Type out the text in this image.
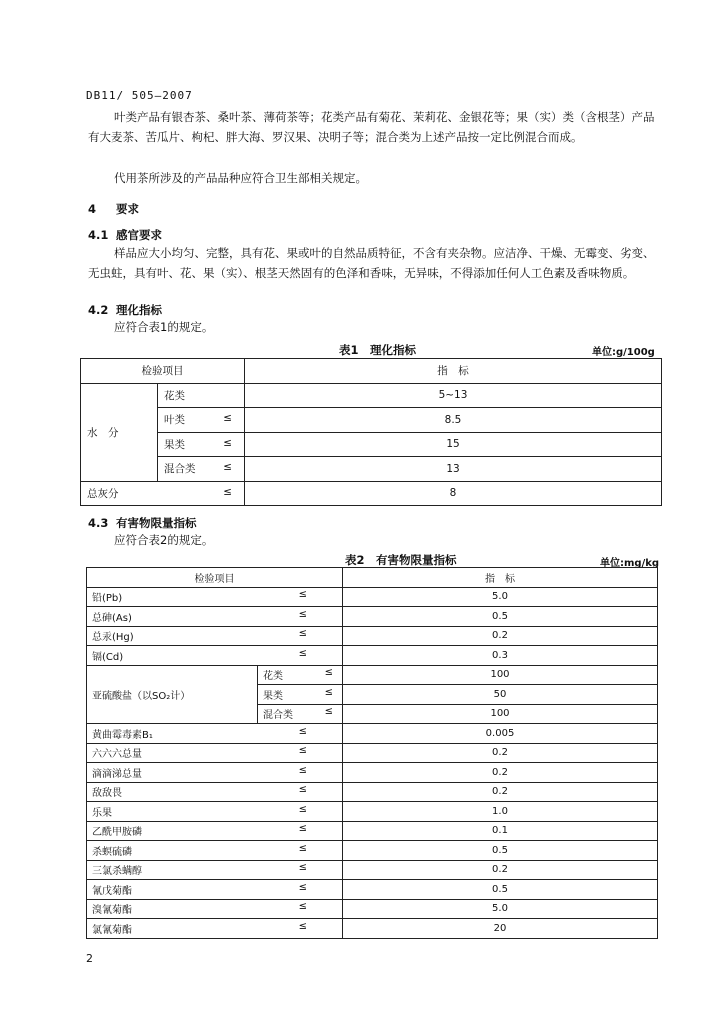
DB11/ 505—2007
叶类产品有银杏茶、桑叶茶、薄荷茶等；花类产品有菊花、茉莉花、金银花等；果（实）类（含根茎）产品有大麦茶、苦瓜片、枸杞、胖大海、罗汉果、决明子等；混合类为上述产品按一定比例混合而成。
代用茶所涉及的产品品种应符合卫生部相关规定。
4 要求
4.1 感官要求
样品应大小均匀、完整，具有花、果或叶的自然品质特征，不含有夹杂物。应洁净、干燥、无霉变、劣变、无虫蛀，具有叶、花、果（实）、根茎天然固有的色泽和香味，无异味，不得添加任何人工色素及香味物质。
4.2 理化指标
应符合表1的规定。
表1　理化指标	单位:g/100g
检验项目		指　标
水　分	花类	5~13
	叶类 ≤	8.5
	果类 ≤	15
	混合类 ≤	13
总灰分 ≤		8
4.3 有害物限量指标
应符合表2的规定。
表2　有害物限量指标	单位:mg/kg
检验项目		指　标
铅(Pb) ≤		5.0
总砷(As) ≤		0.5
总汞(Hg) ≤		0.2
镉(Cd) ≤		0.3
亚硫酸盐（以SO₂计）	花类 ≤	100
	果类 ≤	50
	混合类 ≤	100
黄曲霉毒素B₁ ≤		0.005
六六六总量 ≤		0.2
滴滴涕总量 ≤		0.2
敌敌畏 ≤		0.2
乐果 ≤		1.0
乙酰甲胺磷 ≤		0.1
杀螟硫磷 ≤		0.5
三氯杀螨醇 ≤		0.2
氰戊菊酯 ≤		0.5
溴氰菊酯 ≤		5.0
氯氰菊酯 ≤		20
2
